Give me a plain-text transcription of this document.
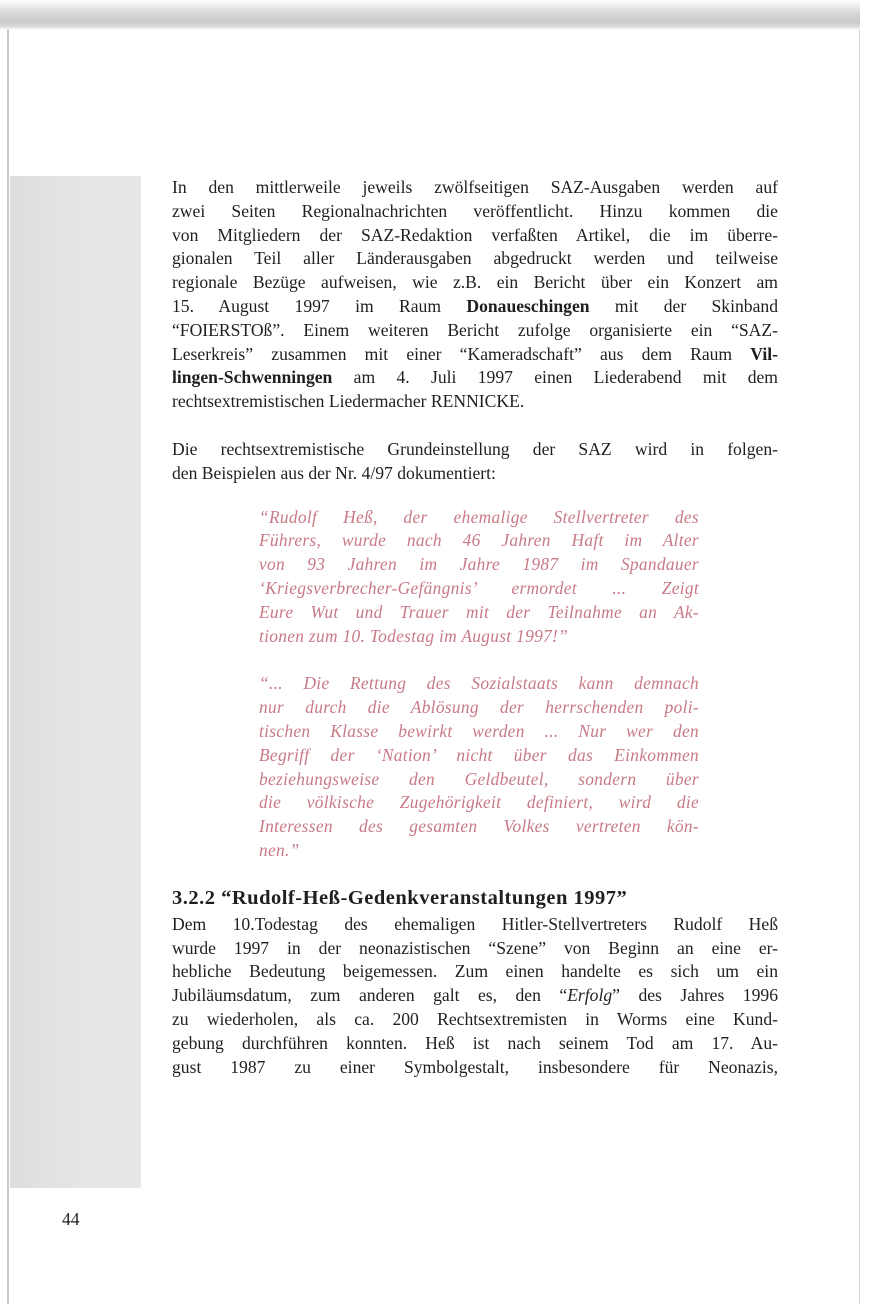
In den mittlerweile jeweils zwölfseitigen SAZ-Ausgaben werden auf
zwei Seiten Regionalnachrichten veröffentlicht. Hinzu kommen die
von Mitgliedern der SAZ-Redaktion verfaßten Artikel, die im überre-
gionalen Teil aller Länderausgaben abgedruckt werden und teilweise
regionale Bezüge aufweisen, wie z.B. ein Bericht über ein Konzert am
15. August 1997 im Raum Donaueschingen mit der Skinband
“FOIERSTOß”. Einem weiteren Bericht zufolge organisierte ein “SAZ-
Leserkreis” zusammen mit einer “Kameradschaft” aus dem Raum Vil-
lingen-Schwenningen am 4. Juli 1997 einen Liederabend mit dem
rechtsextremistischen Liedermacher RENNICKE.

Die rechtsextremistische Grundeinstellung der SAZ wird in folgen-
den Beispielen aus der Nr. 4/97 dokumentiert:

“Rudolf Heß, der ehemalige Stellvertreter des
Führers, wurde nach 46 Jahren Haft im Alter
von 93 Jahren im Jahre 1987 im Spandauer
‘Kriegsverbrecher-Gefängnis’ ermordet ... Zeigt
Eure Wut und Trauer mit der Teilnahme an Ak-
tionen zum 10. Todestag im August 1997!”
“... Die Rettung des Sozialstaats kann demnach
nur durch die Ablösung der herrschenden poli-
tischen Klasse bewirkt werden ... Nur wer den
Begriff der ‘Nation’ nicht über das Einkommen
beziehungsweise den Geldbeutel, sondern über
die völkische Zugehörigkeit definiert, wird die
Interessen des gesamten Volkes vertreten kön-
nen.”
3.2.2 “Rudolf-Heß-Gedenkveranstaltungen 1997”

Dem 10.Todestag des ehemaligen Hitler-Stellvertreters Rudolf Heß
wurde 1997 in der neonazistischen “Szene” von Beginn an eine er-
hebliche Bedeutung beigemessen. Zum einen handelte es sich um ein
Jubiläumsdatum, zum anderen galt es, den “Erfolg” des Jahres 1996
zu wiederholen, als ca. 200 Rechtsextremisten in Worms eine Kund-
gebung durchführen konnten. Heß ist nach seinem Tod am 17. Au-
gust 1987 zu einer Symbolgestalt, insbesondere für Neonazis,

44
